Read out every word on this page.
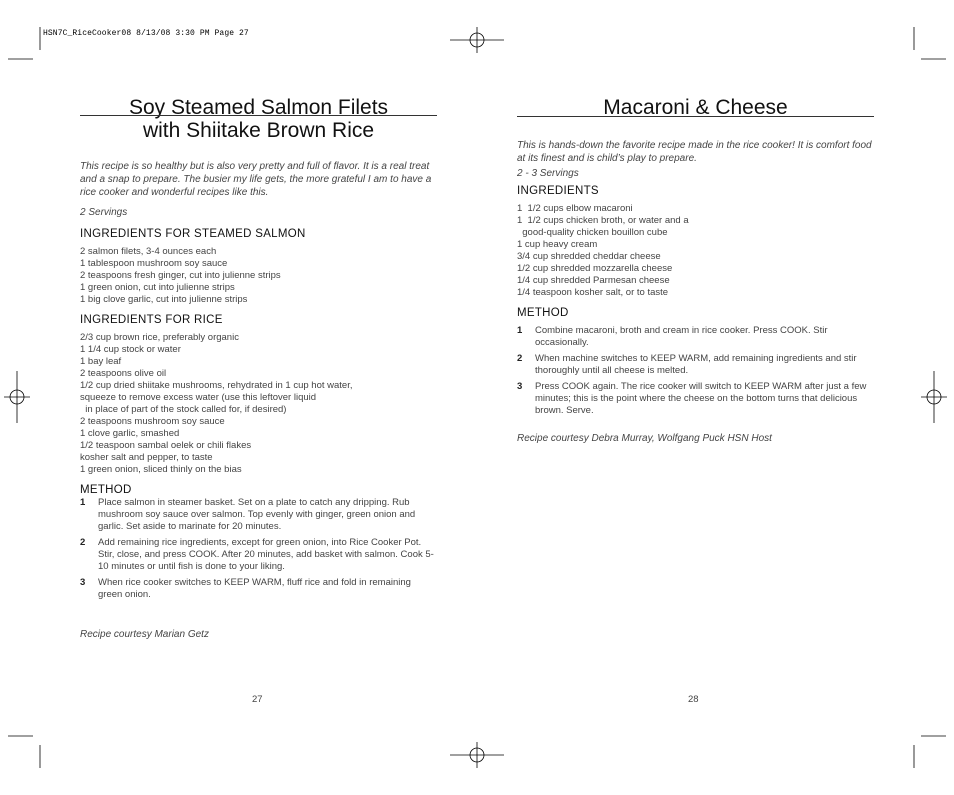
HSN7C_RiceCooker08 8/13/08 3:30 PM Page 27
Soy Steamed Salmon Filets
with Shiitake Brown Rice

This recipe is so healthy but is also very pretty and full of flavor. It is a real treat and a snap to prepare. The busier my life gets, the more grateful I am to have a rice cooker and wonderful recipes like this.

2 Servings
INGREDIENTS FOR STEAMED SALMON
2 salmon filets, 3-4 ounces each
1 tablespoon mushroom soy sauce
2 teaspoons fresh ginger, cut into julienne strips
1 green onion, cut into julienne strips
1 big clove garlic, cut into julienne strips
INGREDIENTS FOR RICE
2/3 cup brown rice, preferably organic
1 1/4 cup stock or water
1 bay leaf
2 teaspoons olive oil
1/2 cup dried shiitake mushrooms, rehydrated in 1 cup hot water,
squeeze to remove excess water (use this leftover liquid
in place of part of the stock called for, if desired)
2 teaspoons mushroom soy sauce
1 clove garlic, smashed
1/2 teaspoon sambal oelek or chili flakes
kosher salt and pepper, to taste
1 green onion, sliced thinly on the bias
METHOD
1 Place salmon in steamer basket. Set on a plate to catch any dripping. Rub mushroom soy sauce over salmon. Top evenly with ginger, green onion and garlic. Set aside to marinate for 20 minutes.
2 Add remaining rice ingredients, except for green onion, into Rice Cooker Pot. Stir, close, and press COOK. After 20 minutes, add basket with salmon. Cook 5-10 minutes or until fish is done to your liking.
3 When rice cooker switches to KEEP WARM, fluff rice and fold in remaining green onion.
Recipe courtesy Marian Getz
27
Macaroni & Cheese

This is hands-down the favorite recipe made in the rice cooker! It is comfort food at its finest and is child’s play to prepare.

2 - 3 Servings
INGREDIENTS
1  1/2 cups elbow macaroni
1  1/2 cups chicken broth, or water and a
good-quality chicken bouillon cube
1 cup heavy cream
3/4 cup shredded cheddar cheese
1/2 cup shredded mozzarella cheese
1/4 cup shredded Parmesan cheese
1/4 teaspoon kosher salt, or to taste
METHOD
1 Combine macaroni, broth and cream in rice cooker. Press COOK. Stir occasionally.
2 When machine switches to KEEP WARM, add remaining ingredients and stir thoroughly until all cheese is melted.
3 Press COOK again. The rice cooker will switch to KEEP WARM after just a few minutes; this is the point where the cheese on the bottom turns that delicious brown. Serve.
Recipe courtesy Debra Murray, Wolfgang Puck HSN Host
28
